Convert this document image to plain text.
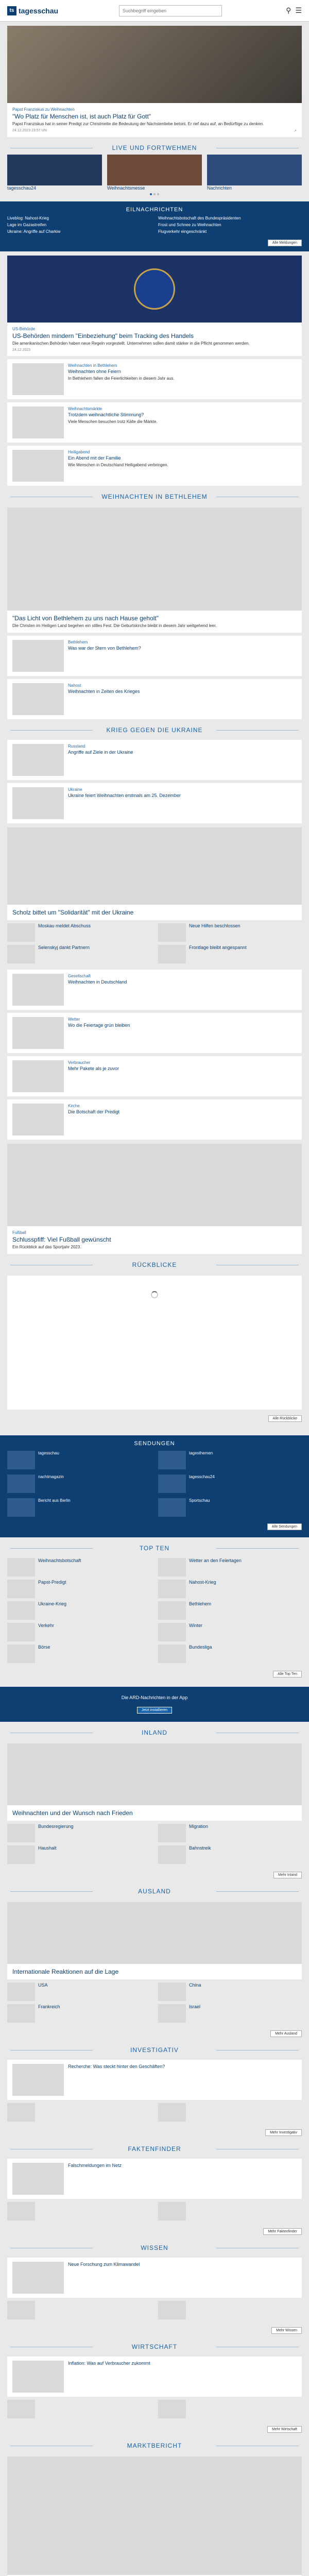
ts tagesschau
Suchbegriff eingeben	⚲ ☰
Papst Franziskus zu Weihnachten
"Wo Platz für Menschen ist, ist auch Platz für Gott"
Papst Franziskus hat in seiner Predigt zur Christmette die Bedeutung der Nächstenliebe betont. Er rief dazu auf, an Bedürftige zu denken.
24.12.2023 23:57 Uhr	↗
LIVE UND FORTWEHMEN
tagesschau24	Weihnachtsmesse	Nachrichten
EILNACHRICHTEN
Liveblog: Nahost-Krieg	Weihnachtsbotschaft des Bundespräsidenten
Lage im Gazastreifen	Frost und Schnee zu Weihnachten
Ukraine: Angriffe auf Charkiw	Flugverkehr eingeschränkt
Alle Meldungen
US-Behörde
US-Behörden mindern "Einbeziehung" beim Tracking des Handels
Die amerikanischen Behörden haben neue Regeln vorgestellt. Unternehmen sollen damit stärker in die Pflicht genommen werden.
24.12.2023
Weihnachten in Bethlehem
Weihnachten ohne Feiern
In Bethlehem fallen die Feierlichkeiten in diesem Jahr aus.
Weihnachtsmärkte
Trotzdem weihnachtliche Stimmung?
Viele Menschen besuchen trotz Kälte die Märkte.
Heiligabend
Ein Abend mit der Familie
Wie Menschen in Deutschland Heiligabend verbringen.
WEIHNACHTEN IN BETHLEHEM
"Das Licht von Bethlehem zu uns nach Hause geholt"
Die Christen im Heiligen Land begehen ein stilles Fest. Die Geburtskirche bleibt in diesem Jahr weitgehend leer.
Bethlehem
Was war der Stern von Bethlehem?
Nahost
Weihnachten in Zeiten des Krieges
KRIEG GEGEN DIE UKRAINE
Russland
Angriffe auf Ziele in der Ukraine
Ukraine
Ukraine feiert Weihnachten erstmals am 25. Dezember
Scholz bittet um "Solidarität" mit der Ukraine
Moskau meldet Abschuss	Neue Hilfen beschlossen
Selenskyj dankt Partnern	Frontlage bleibt angespannt
Gesellschaft
Weihnachten in Deutschland
Wetter
Wo die Feiertage grün bleiben
Verbraucher
Mehr Pakete als je zuvor
Kirche
Die Botschaft der Predigt
Fußball
Schlusspfiff: Viel Fußball gewünscht
Ein Rückblick auf das Sportjahr 2023.
RÜCKBLICKE
Alle Rückblicke
SENDUNGEN
tagesschau	tagesthemen
nachtmagazin	tagesschau24
Bericht aus Berlin	Sportschau
Alle Sendungen
TOP TEN
Weihnachtsbotschaft	Wetter an den Feiertagen
Papst-Predigt	Nahost-Krieg
Ukraine-Krieg	Bethlehem
Verkehr	Winter
Börse	Bundesliga
Alle Top Ten
Die ARD-Nachrichten in der App
Jetzt installieren
INLAND
Weihnachten und der Wunsch nach Frieden
Bundesregierung	Migration
Haushalt	Bahnstreik
Mehr Inland
AUSLAND
Internationale Reaktionen auf die Lage
USA	China
Frankreich	Israel
Mehr Ausland
INVESTIGATIV
Recherche: Was steckt hinter den Geschäften?
Mehr Investigativ
FAKTENFINDER
Falschmeldungen im Netz
Mehr Faktenfinder
WISSEN
Neue Forschung zum Klimawandel
Mehr Wissen
WIRTSCHAFT
Inflation: Was auf Verbraucher zukommt
Mehr Wirtschaft
MARKTBERICHT
